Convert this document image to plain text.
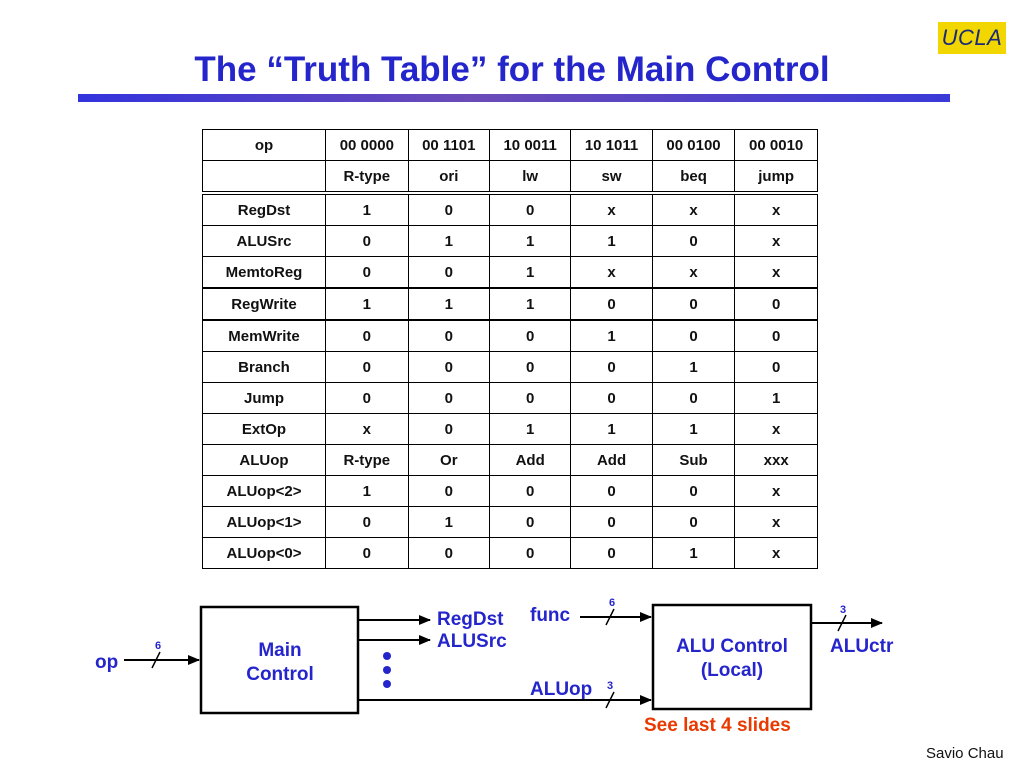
UCLA
The “Truth Table” for the Main Control
op	00 0000	00 1101	10 0011	10 1011	00 0100	00 0010
	R-type	ori	lw	sw	beq	jump
RegDst	1	0	0	x	x	x
ALUSrc	0	1	1	1	0	x
MemtoReg	0	0	1	x	x	x
RegWrite	1	1	1	0	0	0
MemWrite	0	0	0	1	0	0
Branch	0	0	0	0	1	0
Jump	0	0	0	0	0	1
ExtOp	x	0	1	1	1	x
ALUop	R-type	Or	Add	Add	Sub	xxx
ALUop<2>	1	0	0	0	0	x
ALUop<1>	0	1	0	0	0	x
ALUop<0>	0	0	0	0	1	x
Main
Control
6
op
RegDst
ALUSrc
3
ALUop
6
func
ALU Control
(Local)
3
ALUctr
See last 4 slides
Savio Chau
